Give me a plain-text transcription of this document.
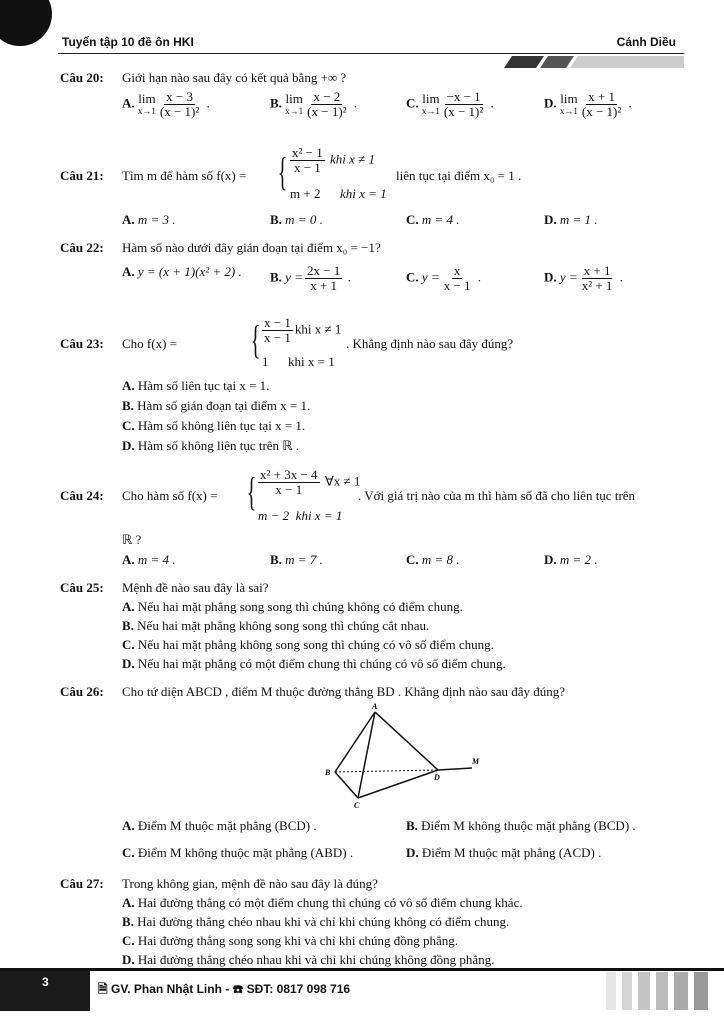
Tuyển tập 10 đề ôn HKI	Cánh Diều
Câu 20: Giới hạn nào sau đây có kết quả bằng +∞ ?
A. lim
$x\to 1 \frac{x - 3}{\text{(x − 1)²}}$ .	B. lim
$x\to 1 \frac{x - 2}{\text{(x − 1)²}}$ .	C. lim
$x\to 1 \frac{-x - 1}{\text{(x − 1)²}}$ .	D. lim
$x\to 1 \frac{x + 1}{\text{(x − 1)²}}$ .
Câu 21: Tìm m để hàm số f(x) = { $\frac{\text{x² − 1}}{x - 1}$ khi x ≠ 1
m + 2 khi x = 1
liên tục tại điểm x₀ = 1 .
A. m = 3 .	B. m = 0 .	C. m = 4 .	D. m = 1 .
Câu 22: Hàm số nào dưới đây gián đoạn tại điểm x₀ = −1?
A. y = (x + 1)(x² + 2) . B. $y = \frac{2x - 1}{x + 1}$ .	C. $y = \frac{x}{x - 1}$ .	D. $y = \frac{x + 1}{\text{x² + 1}}$ .
Câu 23:	Cho f(x) = { $\frac{x - 1}{x - 1}$ khi x ≠ 1
1 khi x = 1
. Khẳng định nào sau đây đúng?
A. Hàm số liên tục tại x = 1.
B. Hàm số gián đoạn tại điểm x = 1.
C. Hàm số không liên tục tại x = 1.
D. Hàm số không liên tục trên ℝ .
Câu 24:	Cho hàm số f(x) = { $\frac{\text{x² + 3x − 4}}{x - 1}$ ∀x ≠ 1
m − 2 khi x = 1
. Với giá trị nào của m thì hàm số đã cho liên tục trên
ℝ ?
A. m = 4 .	B. m = 7 .	C. m = 8 .	D. m = 2 .
Câu 25: Mệnh đề nào sau đây là sai?
A. Nếu hai mặt phẳng song song thì chúng không có điểm chung.
B. Nếu hai mặt phẳng không song song thì chúng cắt nhau.
C. Nếu hai mặt phẳng không song song thì chúng có vô số điểm chung.
D. Nếu hai mặt phẳng có một điểm chung thì chúng có vô số điểm chung.
Câu 26: Cho tứ diện ABCD , điểm M thuộc đường thẳng BD . Khẳng định nào sau đây đúng?
A
B
C
D
M
A. Điểm M thuộc mặt phẳng (BCD) .	B. Điểm M không thuộc mặt phẳng (BCD) .
C. Điểm M không thuộc mặt phẳng (ABD) .	D. Điểm M thuộc mặt phẳng (ACD) .
Câu 27: Trong không gian, mệnh đề nào sau đây là đúng?
A. Hai đường thẳng có một điểm chung thì chúng có vô số điểm chung khác.
B. Hai đường thẳng chéo nhau khi và chỉ khi chúng không có điểm chung.
C. Hai đường thẳng song song khi và chỉ khi chúng đồng phẳng.
D. Hai đường thẳng chéo nhau khi và chỉ khi chúng không đồng phẳng.
3	🗎 GV. Phan Nhật Linh - ☎ SĐT: 0817 098 716
